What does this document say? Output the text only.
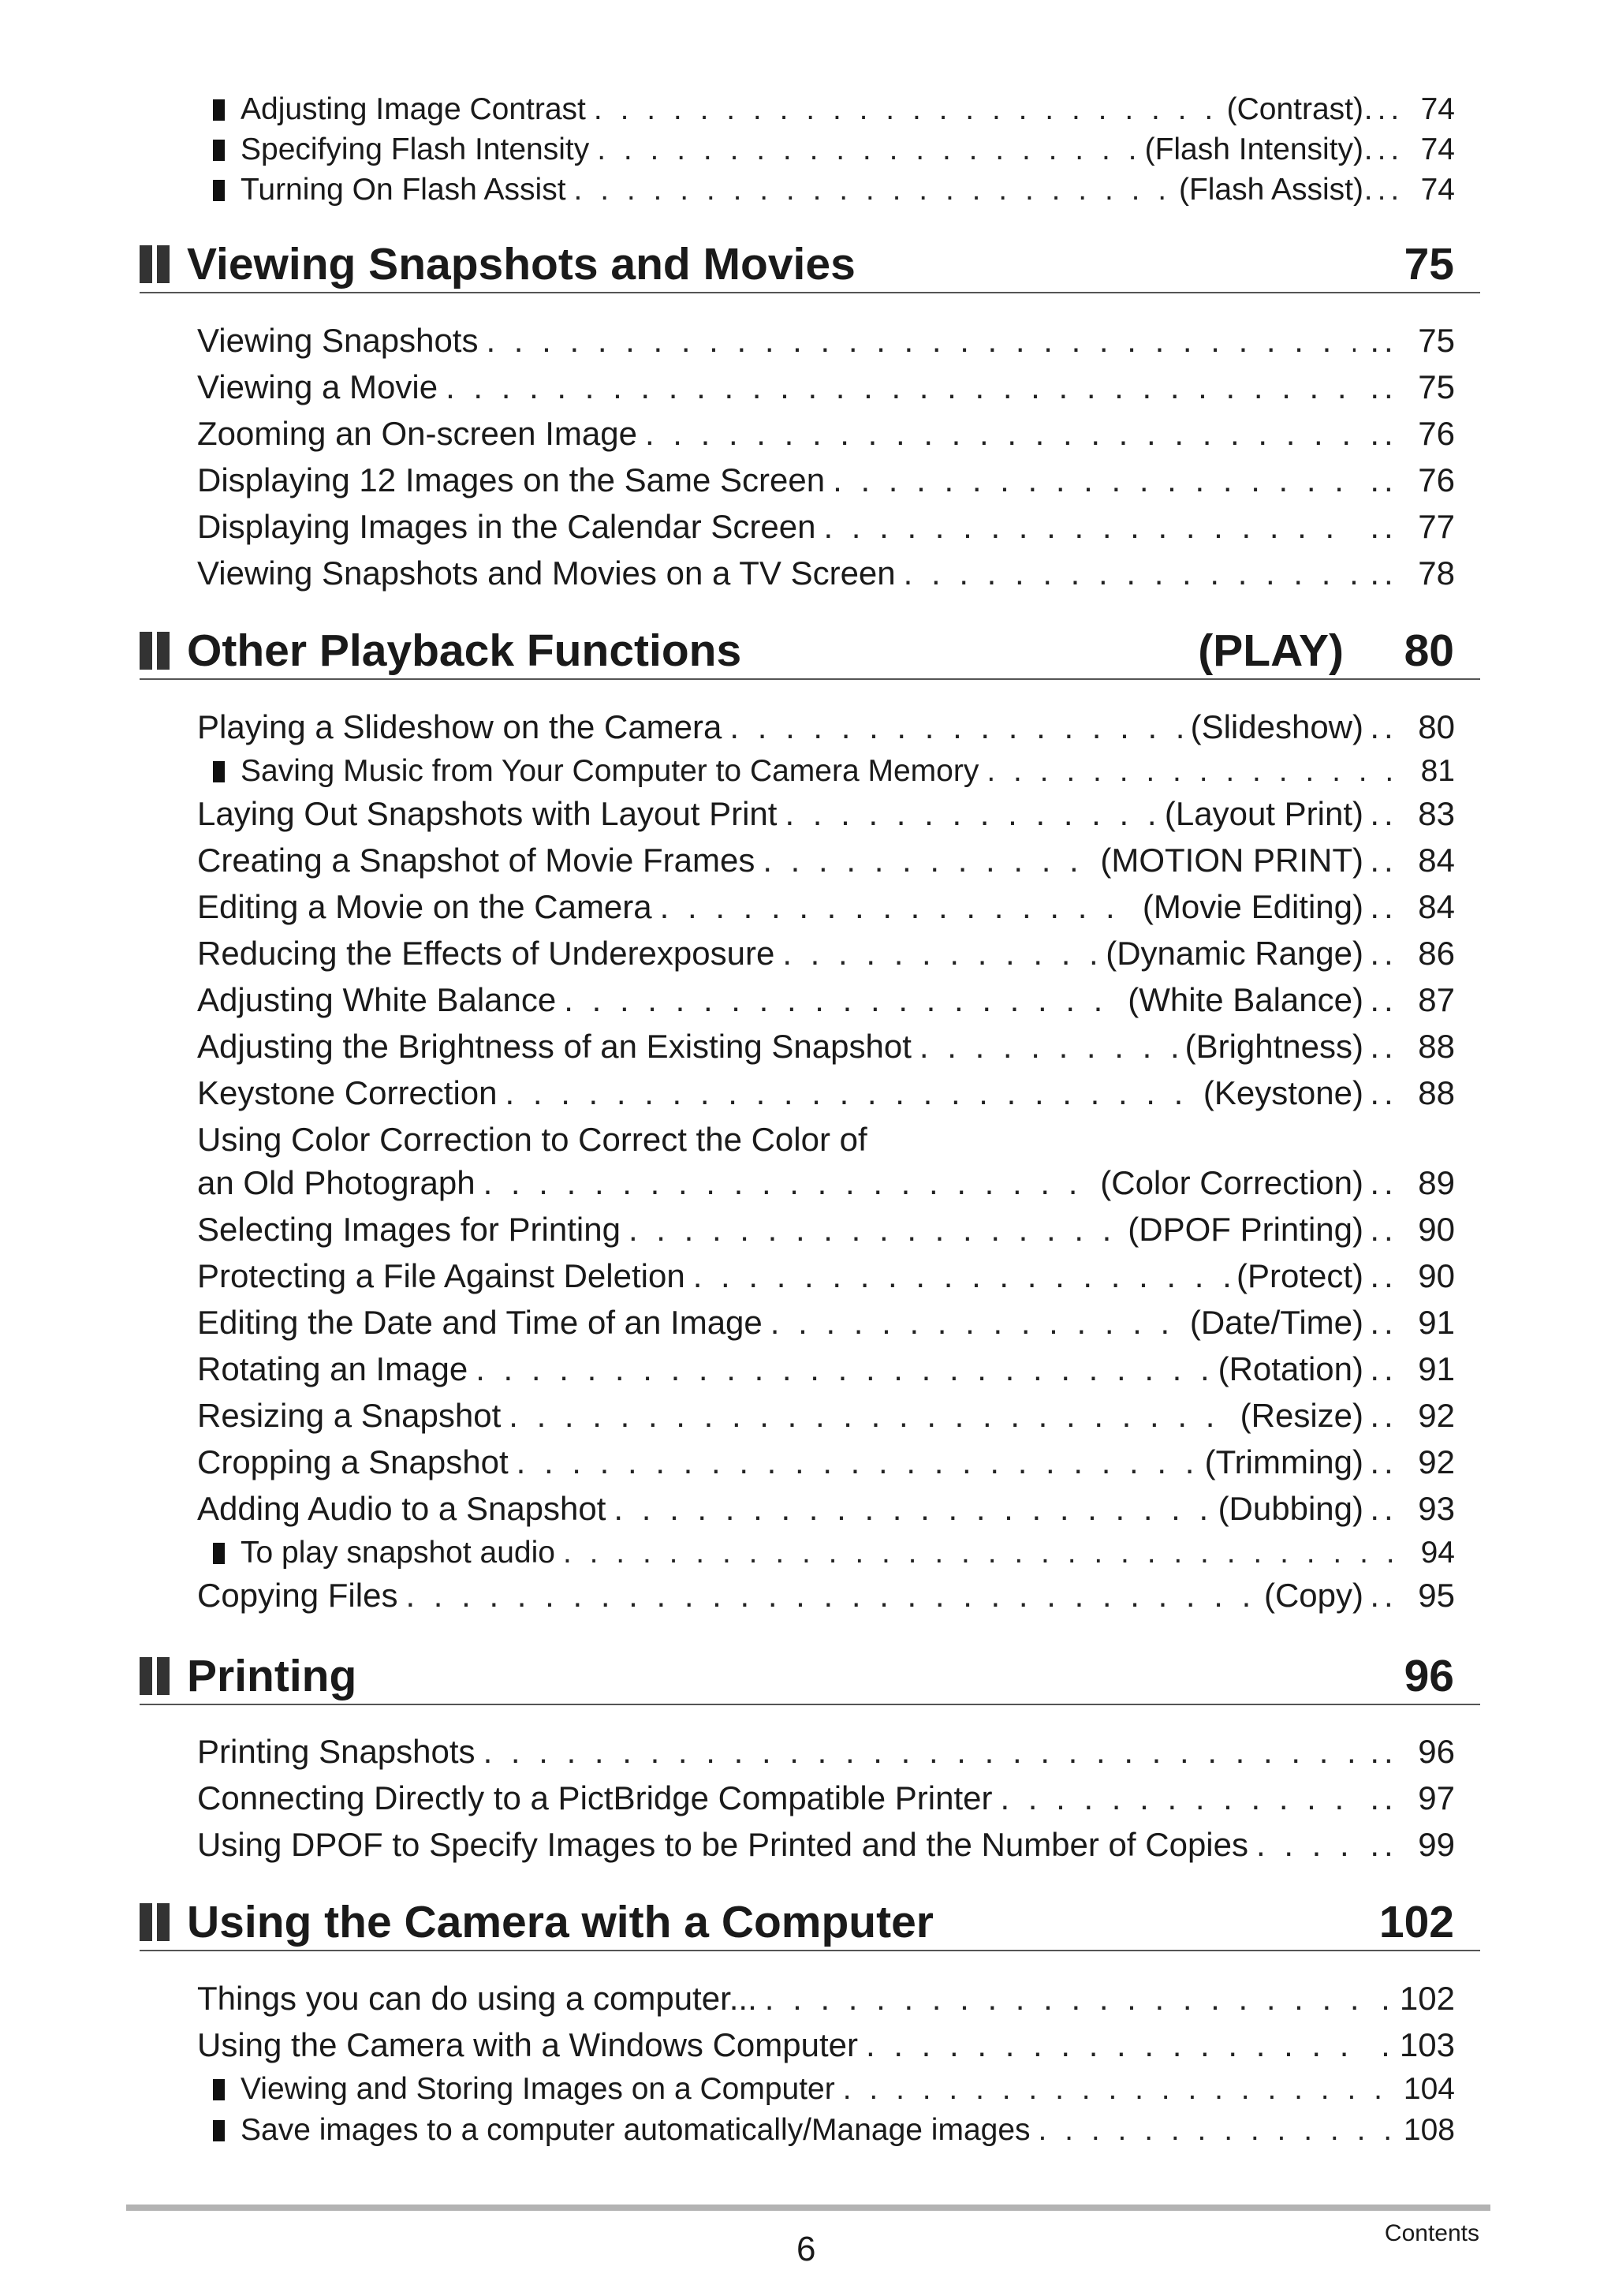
Adjusting Image Contrast . . .	(Contrast) ... 74
Specifying Flash Intensity . . .	(Flash Intensity) ... 74
Turning On Flash Assist . . .	(Flash Assist) ... 74
Viewing Snapshots and Movies	75
Viewing Snapshots . . .	.. 75
Viewing a Movie . . .	.. 75
Zooming an On-screen Image . . .	.. 76
Displaying 12 Images on the Same Screen . . .	.. 76
Displaying Images in the Calendar Screen . . .	.. 77
Viewing Snapshots and Movies on a TV Screen . . .	.. 78
Other Playback Functions	(PLAY) 80
Playing a Slideshow on the Camera . . .	(Slideshow) .. 80
Saving Music from Your Computer to Camera Memory . . .	81
Laying Out Snapshots with Layout Print . . .	(Layout Print) .. 83
Creating a Snapshot of Movie Frames . . .	(MOTION PRINT) .. 84
Editing a Movie on the Camera . . .	(Movie Editing) .. 84
Reducing the Effects of Underexposure . . .	(Dynamic Range) .. 86
Adjusting White Balance . . .	(White Balance) .. 87
Adjusting the Brightness of an Existing Snapshot . . .	(Brightness) .. 88
Keystone Correction . . .	(Keystone) .. 88
Using Color Correction to Correct the Color of
an Old Photograph . . .	(Color Correction) .. 89
Selecting Images for Printing . . .	(DPOF Printing) .. 90
Protecting a File Against Deletion . . .	(Protect) .. 90
Editing the Date and Time of an Image . . .	(Date/Time) .. 91
Rotating an Image . . .	(Rotation) .. 91
Resizing a Snapshot . . .	(Resize) .. 92
Cropping a Snapshot . . .	(Trimming) .. 92
Adding Audio to a Snapshot . . .	(Dubbing) .. 93
To play snapshot audio . . .	94
Copying Files . . .	(Copy) .. 95
Printing	96
Printing Snapshots . . .	.. 96
Connecting Directly to a PictBridge Compatible Printer . . .	.. 97
Using DPOF to Specify Images to be Printed and the Number of Copies . . .	.. 99
Using the Camera with a Computer	102
Things you can do using a computer... . . .	. 102
Using the Camera with a Windows Computer . . .	. 103
Viewing and Storing Images on a Computer . . .	104
Save images to a computer automatically/Manage images . . .	108
6	Contents
